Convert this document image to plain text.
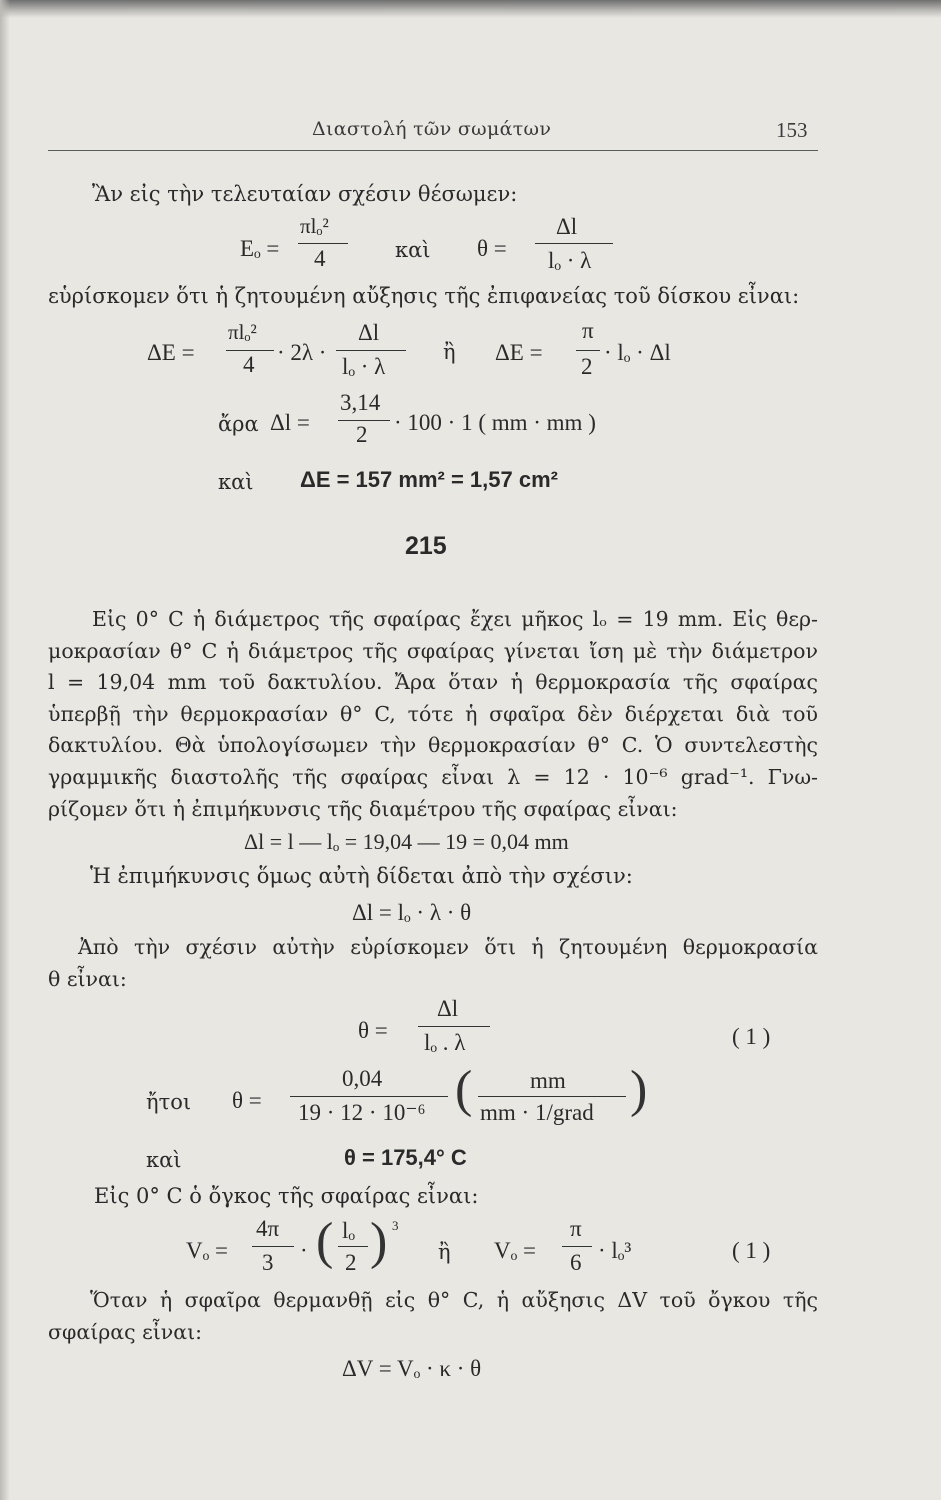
Διαστολή τῶν σωμάτων	153
Ἂν εἰς τὴν τελευταίαν σχέσιν θέσωμεν:
Eₒ =
πlₒ²
4	καὶ θ =
Δl
lₒ · λ
εὑρίσκομεν ὅτι ἡ ζητουμένη αὔξησις τῆς ἐπιφανείας τοῦ δίσκου εἶναι:
ΔE =
πlₒ²
4 · 2λ ·
Δl
lₒ · λ
ἢ ΔE =
π
2
· lₒ · Δl
ἄρα Δl =
3,14
2 · 100 · 1 ( mm · mm )
καὶ ΔE = 157 mm² = 1,57 cm²
215
Εἰς 0° C ἡ διάμετρος τῆς σφαίρας ἔχει μῆκος lₒ = 19 mm. Εἰς θερ-
μοκρασίαν θ° C ἡ διάμετρος τῆς σφαίρας γίνεται ἴση μὲ τὴν διάμετρον
l = 19,04 mm τοῦ δακτυλίου. Ἄρα ὅταν ἡ θερμοκρασία τῆς σφαίρας
ὑπερβῇ τὴν θερμοκρασίαν θ° C, τότε ἡ σφαῖρα δὲν διέρχεται διὰ τοῦ
δακτυλίου. Θὰ ὑπολογίσωμεν τὴν θερμοκρασίαν θ° C. Ὁ συντελεστὴς
γραμμικῆς διαστολῆς τῆς σφαίρας εἶναι λ = 12 · 10⁻⁶ grad⁻¹. Γνω-
ρίζομεν ὅτι ἡ ἐπιμήκυνσις τῆς διαμέτρου τῆς σφαίρας εἶναι:
Δl = l — lₒ = 19,04 — 19 = 0,04 mm
Ἡ ἐπιμήκυνσις ὅμως αὐτὴ δίδεται ἀπὸ τὴν σχέσιν:
Δl = lₒ · λ · θ
Ἀπὸ τὴν σχέσιν αὐτὴν εὑρίσκομεν ὅτι ἡ ζητουμένη θερμοκρασία
θ εἶναι:
θ =
Δl
lₒ . λ	( 1 )
ἤτοι θ =
0,04
19 · 12 · 10⁻⁶ (	mm
mm · 1/grad )
καὶ	θ = 175,4° C
Εἰς 0° C ὁ ὄγκος τῆς σφαίρας εἶναι:
Vₒ =
4π
3 · ( lₒ
2 ) 3
ἢ Vₒ =
π
6 · lₒ³	( 1 )
Ὅταν ἡ σφαῖρα θερμανθῇ εἰς θ° C, ἡ αὔξησις ΔV τοῦ ὄγκου τῆς
σφαίρας εἶναι:
ΔV = Vₒ · κ · θ
